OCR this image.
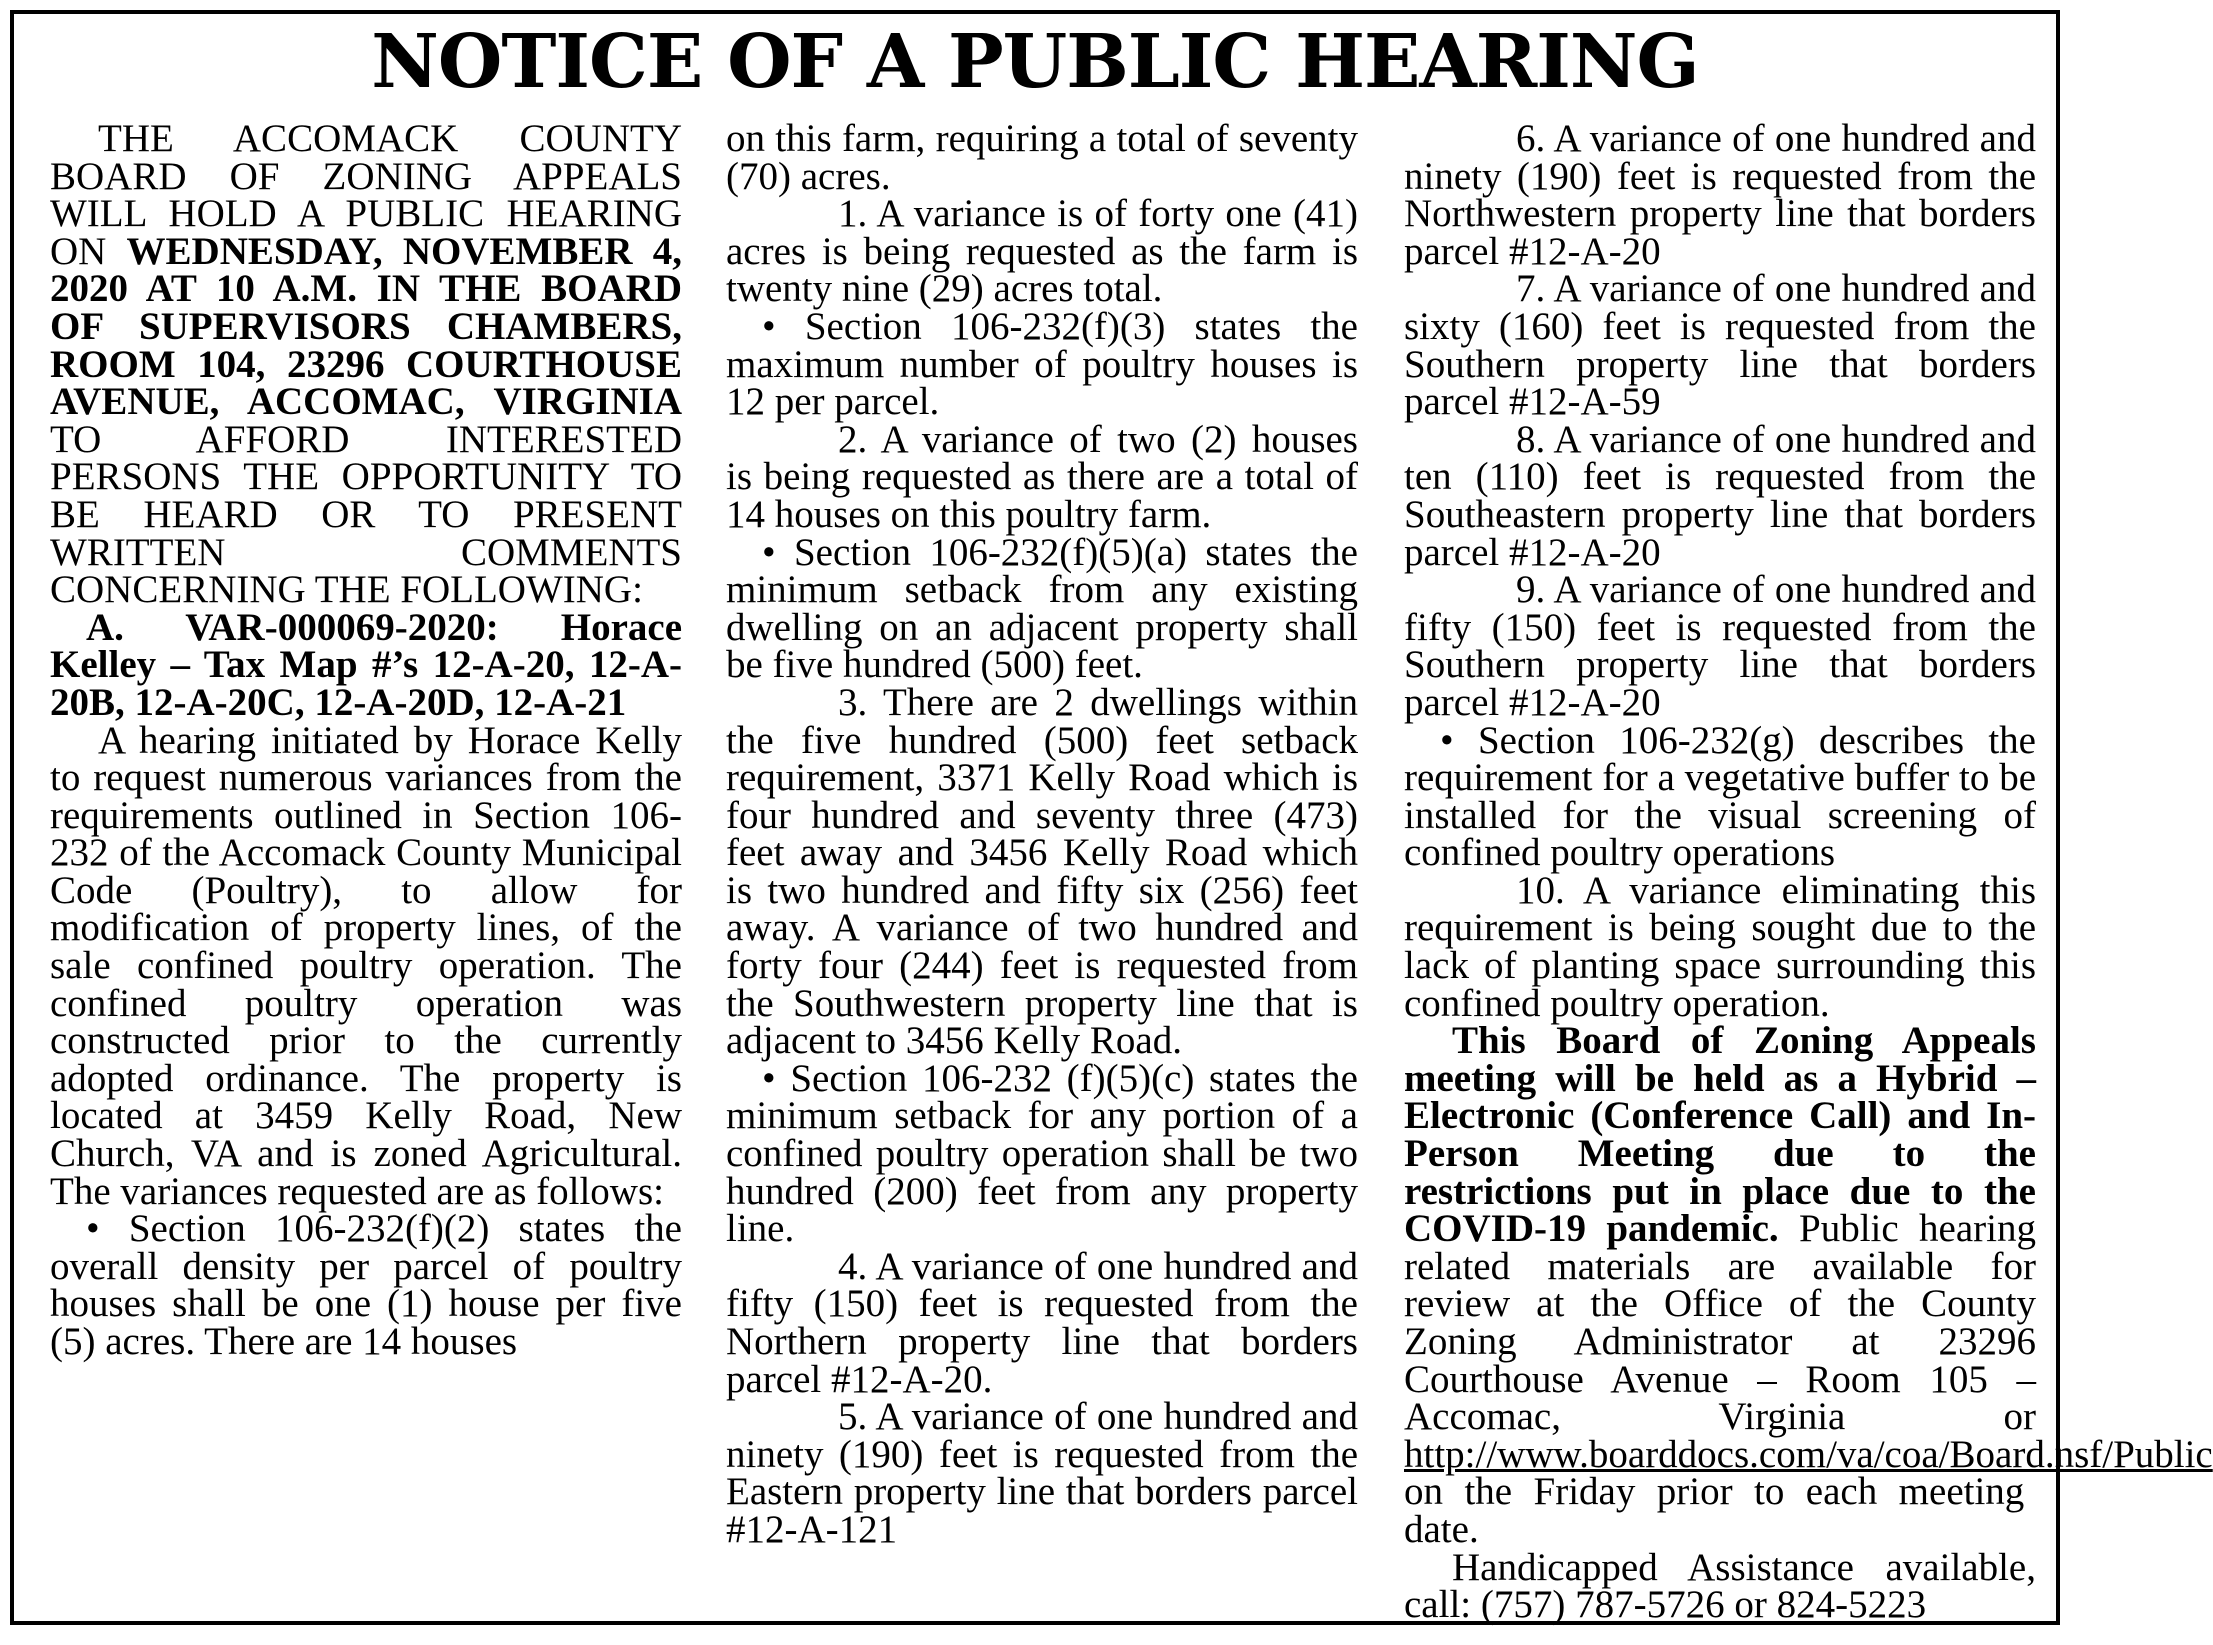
NOTICE OF A PUBLIC HEARING

THE ACCOMACK COUNTY BOARD OF ZONING APPEALS WILL HOLD A PUBLIC HEARING ON WEDNESDAY, NOVEMBER 4, 2020 AT 10 A.M. IN THE BOARD OF SUPERVISORS CHAMBERS, ROOM 104, 23296 COURTHOUSE AVENUE, ACCOMAC, VIRGINIA TO AFFORD INTERESTED PERSONS THE OPPORTUNITY TO BE HEARD OR TO PRESENT WRITTEN COMMENTS CONCERNING THE FOLLOWING:

A. VAR-000069-2020: Horace Kelley – Tax Map #’s 12-A-20, 12-A-20B, 12-A-20C, 12-A-20D, 12-A-21

A hearing initiated by Horace Kelly to request numerous variances from the requirements outlined in Section 106-232 of the Accomack County Municipal Code (Poultry), to allow for modification of property lines, of the sale confined poultry operation. The confined poultry operation was constructed prior to the currently adopted ordinance. The property is located at 3459 Kelly Road, New Church, VA and is zoned Agricultural. The variances requested are as follows:

• Section 106-232(f)(2) states the overall density per parcel of poultry houses shall be one (1) house per five (5) acres. There are 14 houses

on this farm, requiring a total of seventy (70) acres.

1. A variance is of forty one (41) acres is being requested as the farm is twenty nine (29) acres total.

• Section 106-232(f)(3) states the maximum number of poultry houses is 12 per parcel.

2. A variance of two (2) houses is being requested as there are a total of 14 houses on this poultry farm.

• Section 106-232(f)(5)(a) states the minimum setback from any existing dwelling on an adjacent property shall be five hundred (500) feet.

3. There are 2 dwellings within the five hundred (500) feet setback requirement, 3371 Kelly Road which is four hundred and seventy three (473) feet away and 3456 Kelly Road which is two hundred and fifty six (256) feet away. A variance of two hundred and forty four (244) feet is requested from the Southwestern property line that is adjacent to 3456 Kelly Road.

• Section 106-232 (f)(5)(c) states the minimum setback for any portion of a confined poultry operation shall be two hundred (200) feet from any property line.

4. A variance of one hundred and fifty (150) feet is requested from the Northern property line that borders parcel #12-A-20.

5. A variance of one hundred and ninety (190) feet is requested from the Eastern property line that borders parcel #12-A-121

6. A variance of one hundred and ninety (190) feet is requested from the Northwestern property line that borders parcel #12-A-20

7. A variance of one hundred and sixty (160) feet is requested from the Southern property line that borders parcel #12-A-59

8. A variance of one hundred and ten (110) feet is requested from the Southeastern property line that borders parcel #12-A-20

9. A variance of one hundred and fifty (150) feet is requested from the Southern property line that borders parcel #12-A-20

• Section 106-232(g) describes the requirement for a vegetative buffer to be installed for the visual screening of confined poultry operations

10. A variance eliminating this requirement is being sought due to the lack of planting space surrounding this confined poultry operation.

This Board of Zoning Appeals meeting will be held as a Hybrid – Electronic (Conference Call) and In-Person Meeting due to the restrictions put in place due to the COVID-19 pandemic. Public hearing related materials are available for review at the Office of the County Zoning Administrator at 23296 Courthouse Avenue – Room 105 – Accomac, Virginia or http://www.boarddocs.com/va/coa/Board.nsf/Public on the Friday prior to each meeting date.

Handicapped Assistance available, call: (757) 787-5726 or 824-5223
